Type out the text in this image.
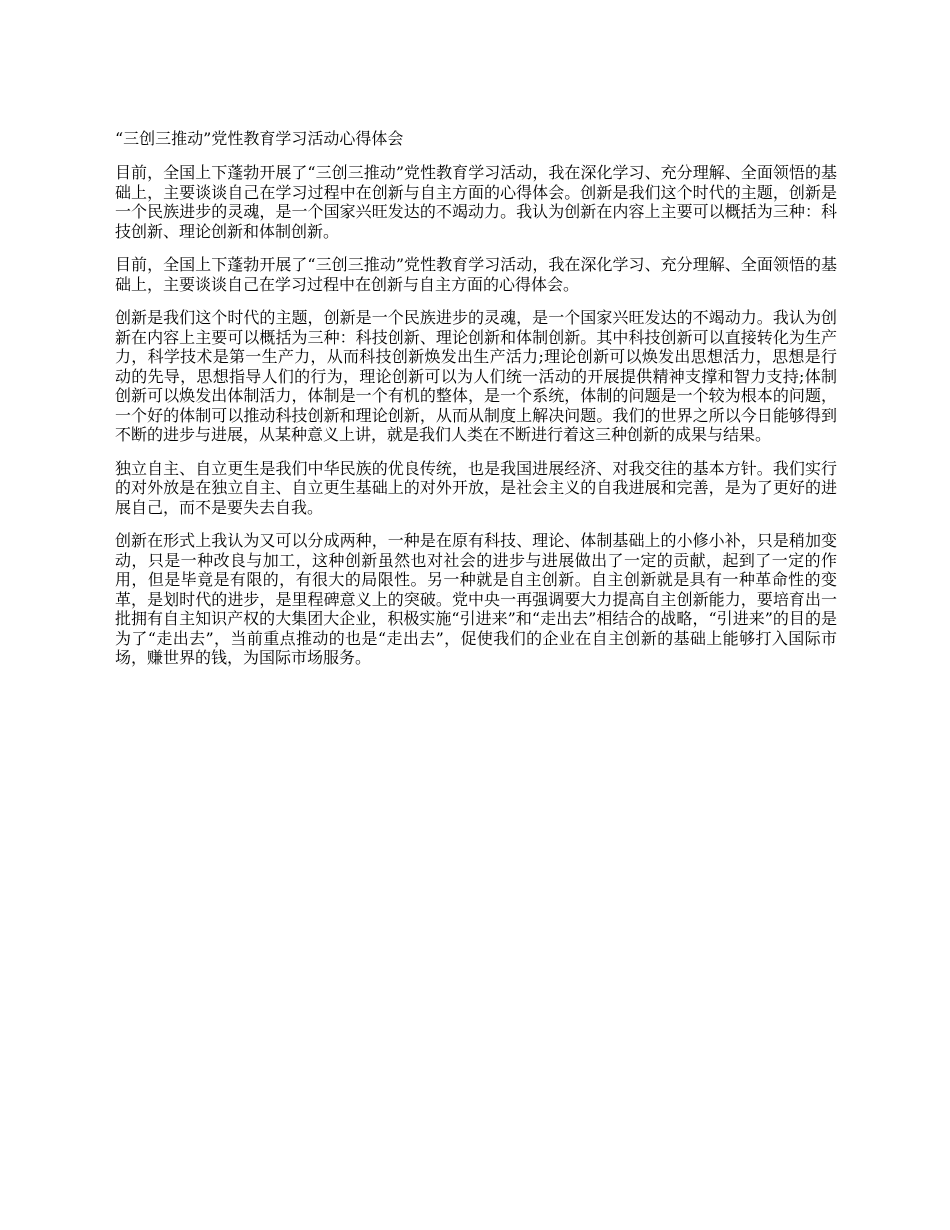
“三创三推动”党性教育学习活动心得体会

目前，全国上下蓬勃开展了“三创三推动”党性教育学习活动，我在深化学习、充分理解、全面领悟的基础上，主要谈谈自己在学习过程中在创新与自主方面的心得体会。创新是我们这个时代的主题，创新是一个民族进步的灵魂，是一个国家兴旺发达的不竭动力。我认为创新在内容上主要可以概括为三种：科技创新、理论创新和体制创新。

目前，全国上下蓬勃开展了“三创三推动”党性教育学习活动，我在深化学习、充分理解、全面领悟的基础上，主要谈谈自己在学习过程中在创新与自主方面的心得体会。

创新是我们这个时代的主题，创新是一个民族进步的灵魂，是一个国家兴旺发达的不竭动力。我认为创新在内容上主要可以概括为三种：科技创新、理论创新和体制创新。其中科技创新可以直接转化为生产力，科学技术是第一生产力，从而科技创新焕发出生产活力;理论创新可以焕发出思想活力，思想是行动的先导，思想指导人们的行为，理论创新可以为人们统一活动的开展提供精神支撑和智力支持;体制创新可以焕发出体制活力，体制是一个有机的整体，是一个系统，体制的问题是一个较为根本的问题，一个好的体制可以推动科技创新和理论创新，从而从制度上解决问题。我们的世界之所以今日能够得到不断的进步与进展，从某种意义上讲，就是我们人类在不断进行着这三种创新的成果与结果。

独立自主、自立更生是我们中华民族的优良传统，也是我国进展经济、对我交往的基本方针。我们实行的对外放是在独立自主、自立更生基础上的对外开放，是社会主义的自我进展和完善，是为了更好的进展自己，而不是要失去自我。

创新在形式上我认为又可以分成两种，一种是在原有科技、理论、体制基础上的小修小补，只是稍加变动，只是一种改良与加工，这种创新虽然也对社会的进步与进展做出了一定的贡献，起到了一定的作用，但是毕竟是有限的，有很大的局限性。另一种就是自主创新。自主创新就是具有一种革命性的变革，是划时代的进步，是里程碑意义上的突破。党中央一再强调要大力提高自主创新能力，要培育出一批拥有自主知识产权的大集团大企业，积极实施“引进来”和“走出去”相结合的战略，“引进来”的目的是为了“走出去”，当前重点推动的也是“走出去”，促使我们的企业在自主创新的基础上能够打入国际市场，赚世界的钱，为国际市场服务。
